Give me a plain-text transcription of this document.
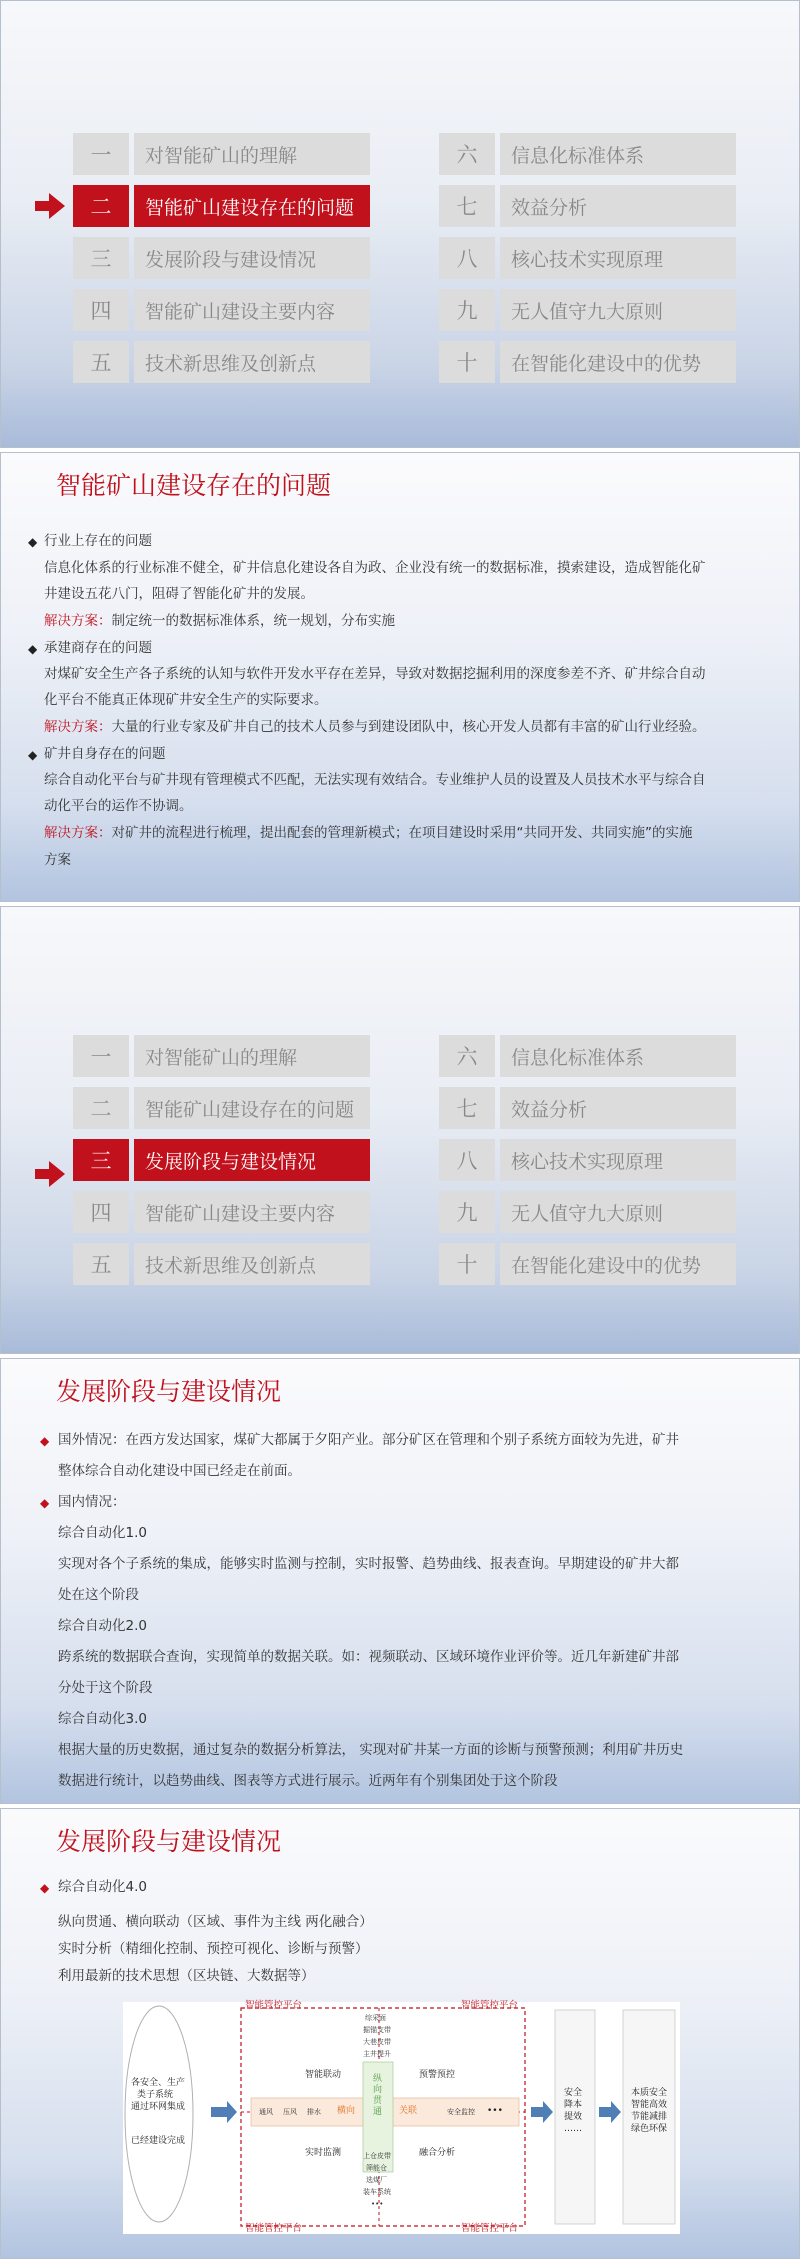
一	对智能矿山的理解
二	智能矿山建设存在的问题
三	发展阶段与建设情况
四	智能矿山建设主要内容
五	技术新思维及创新点
六	信息化标准体系
七	效益分析
八	核心技术实现原理
九	无人值守九大原则
十	在智能化建设中的优势
智能矿山建设存在的问题
◆ 行业上存在的问题
信息化体系的行业标准不健全，矿井信息化建设各自为政、企业没有统一的数据标准，摸索建设，造成智能化矿
井建设五花八门，阻碍了智能化矿井的发展。
解决方案：制定统一的数据标准体系，统一规划，分布实施
◆ 承建商存在的问题
对煤矿安全生产各子系统的认知与软件开发水平存在差异，导致对数据挖掘利用的深度参差不齐、矿井综合自动
化平台不能真正体现矿井安全生产的实际要求。
解决方案：大量的行业专家及矿井自己的技术人员参与到建设团队中，核心开发人员都有丰富的矿山行业经验。
◆ 矿井自身存在的问题
综合自动化平台与矿井现有管理模式不匹配，无法实现有效结合。专业维护人员的设置及人员技术水平与综合自
动化平台的运作不协调。
解决方案：对矿井的流程进行梳理，提出配套的管理新模式；在项目建设时采用“共同开发、共同实施”的实施
方案
一	对智能矿山的理解
二	智能矿山建设存在的问题
三	发展阶段与建设情况
四	智能矿山建设主要内容
五	技术新思维及创新点
六	信息化标准体系
七	效益分析
八	核心技术实现原理
九	无人值守九大原则
十	在智能化建设中的优势
发展阶段与建设情况
◆ 国外情况：在西方发达国家，煤矿大都属于夕阳产业。部分矿区在管理和个别子系统方面较为先进，矿井
整体综合自动化建设中国已经走在前面。
◆ 国内情况：
综合自动化1.0
实现对各个子系统的集成，能够实时监测与控制，实时报警、趋势曲线、报表查询。早期建设的矿井大都
处在这个阶段
综合自动化2.0
跨系统的数据联合查询，实现简单的数据关联。如：视频联动、区域环境作业评价等。近几年新建矿井部
分处于这个阶段
综合自动化3.0
根据大量的历史数据，通过复杂的数据分析算法， 实现对矿井某一方面的诊断与预警预测；利用矿井历史
数据进行统计，以趋势曲线、图表等方式进行展示。近两年有个别集团处于这个阶段
发展阶段与建设情况
◆ 综合自动化4.0
纵向贯通、横向联动（区域、事件为主线 两化融合）
实时分析（精细化控制、预控可视化、诊断与预警）
利用最新的技术思想（区块链、大数据等）
各安全、生产
类子系统
通过环网集成
已经建设完成
智能管控平台	智能管控平台
智能管控平台	智能管控平台
智能联动
实时监测
预警预控
融合分析
通风 压风 排水 横向	关联	安全监控 •••
纵向贯通
综采面
掘锚支带
大巷皮带
主井提升
上仓皮带
筛能仓
选煤厂
装车系统
•••
安全
降本
提效
……
本质安全
智能高效
节能减排
绿色环保
